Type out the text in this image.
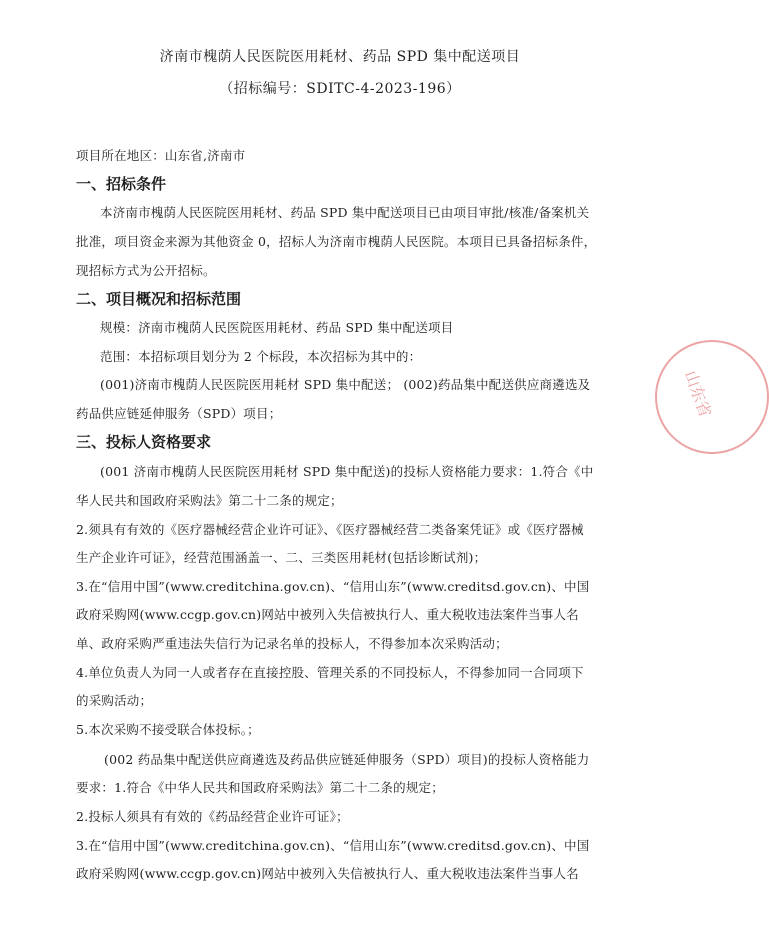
济南市槐荫人民医院医用耗材、药品 SPD 集中配送项目
（招标编号：SDITC-4-2023-196）
项目所在地区：山东省,济南市
一、招标条件
本济南市槐荫人民医院医用耗材、药品 SPD 集中配送项目已由项目审批/核准/备案机关
批准，项目资金来源为其他资金 0，招标人为济南市槐荫人民医院。本项目已具备招标条件，
现招标方式为公开招标。
二、项目概况和招标范围
规模：济南市槐荫人民医院医用耗材、药品 SPD 集中配送项目
范围：本招标项目划分为 2 个标段，本次招标为其中的：
(001)济南市槐荫人民医院医用耗材 SPD 集中配送； (002)药品集中配送供应商遴选及
药品供应链延伸服务（SPD）项目；
三、投标人资格要求
(001 济南市槐荫人民医院医用耗材 SPD 集中配送)的投标人资格能力要求：1.符合《中
华人民共和国政府采购法》第二十二条的规定；
2.须具有有效的《医疗器械经营企业许可证》、《医疗器械经营二类备案凭证》或《医疗器械
生产企业许可证》，经营范围涵盖一、二、三类医用耗材(包括诊断试剂)；
3.在“信用中国”(www.creditchina.gov.cn)、“信用山东”(www.creditsd.gov.cn)、中国
政府采购网(www.ccgp.gov.cn)网站中被列入失信被执行人、重大税收违法案件当事人名
单、政府采购严重违法失信行为记录名单的投标人，不得参加本次采购活动；
4.单位负责人为同一人或者存在直接控股、管理关系的不同投标人，不得参加同一合同项下
的采购活动；
5.本次采购不接受联合体投标。；
(002 药品集中配送供应商遴选及药品供应链延伸服务（SPD）项目)的投标人资格能力
要求：1.符合《中华人民共和国政府采购法》第二十二条的规定；
2.投标人须具有有效的《药品经营企业许可证》；
3.在“信用中国”(www.creditchina.gov.cn)、“信用山东”(www.creditsd.gov.cn)、中国
政府采购网(www.ccgp.gov.cn)网站中被列入失信被执行人、重大税收违法案件当事人名
山东省
